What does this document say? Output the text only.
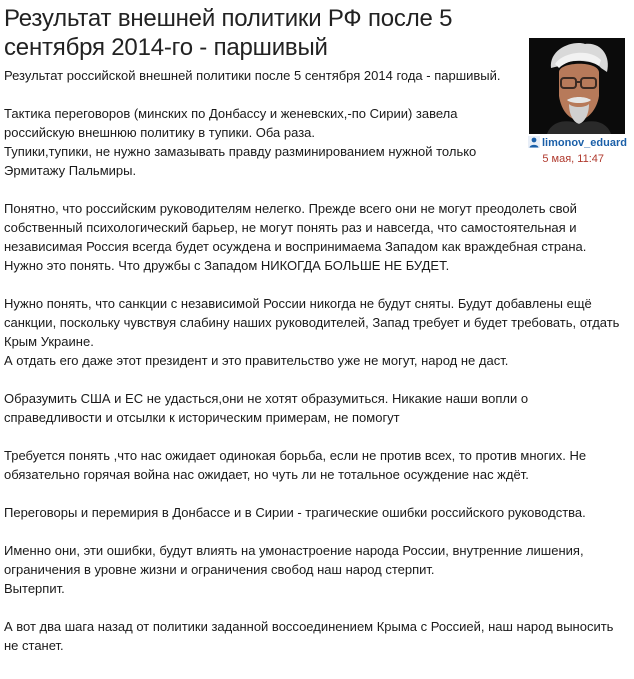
Результат внешней политики РФ после 5 сентября 2014-го - паршивый
limonov_eduard
5 мая, 11:47

Результат российской внешней политики после 5 сентября 2014 года - паршивый.

Тактика переговоров (минских по Донбассу и женевских,-по Сирии) завела российскую внешнюю политику в тупики. Оба раза.
Тупики,тупики, не нужно замазывать правду разминированием нужной только Эрмитажу Пальмиры.

Понятно, что российским руководителям нелегко. Прежде всего они не могут преодолеть свой собственный психологический барьер, не могут понять раз и навсегда, что самостоятельная и независимая Россия всегда будет осуждена и воспринимаема Западом как враждебная страна. Нужно это понять. Что дружбы с Западом НИКОГДА БОЛЬШЕ НЕ БУДЕТ.

Нужно понять, что санкции с независимой России никогда не будут сняты. Будут добавлены ещё санкции, поскольку чувствуя слабину наших руководителей, Запад требует и будет требовать, отдать Крым Украине.
А отдать его даже этот президент и это правительство уже не могут, народ не даст.

Образумить США и ЕС не удасться,они не хотят образумиться. Никакие наши вопли о справедливости и отсылки к историческим примерам, не помогут

Требуется понять ,что нас ожидает одинокая борьба, если не против всех, то против многих. Не обязательно горячая война нас ожидает, но чуть ли не тотальное осуждение нас ждёт.

Переговоры и перемирия в Донбассе и в Сирии - трагические ошибки российского руководства.

Именно они, эти ошибки, будут влиять на умонастроение народа России, внутренние лишения, ограничения в уровне жизни и ограничения свобод наш народ стерпит.
Вытерпит.

А вот два шага назад от политики заданной воссоединением Крыма с Россией, наш народ выносить не станет.
